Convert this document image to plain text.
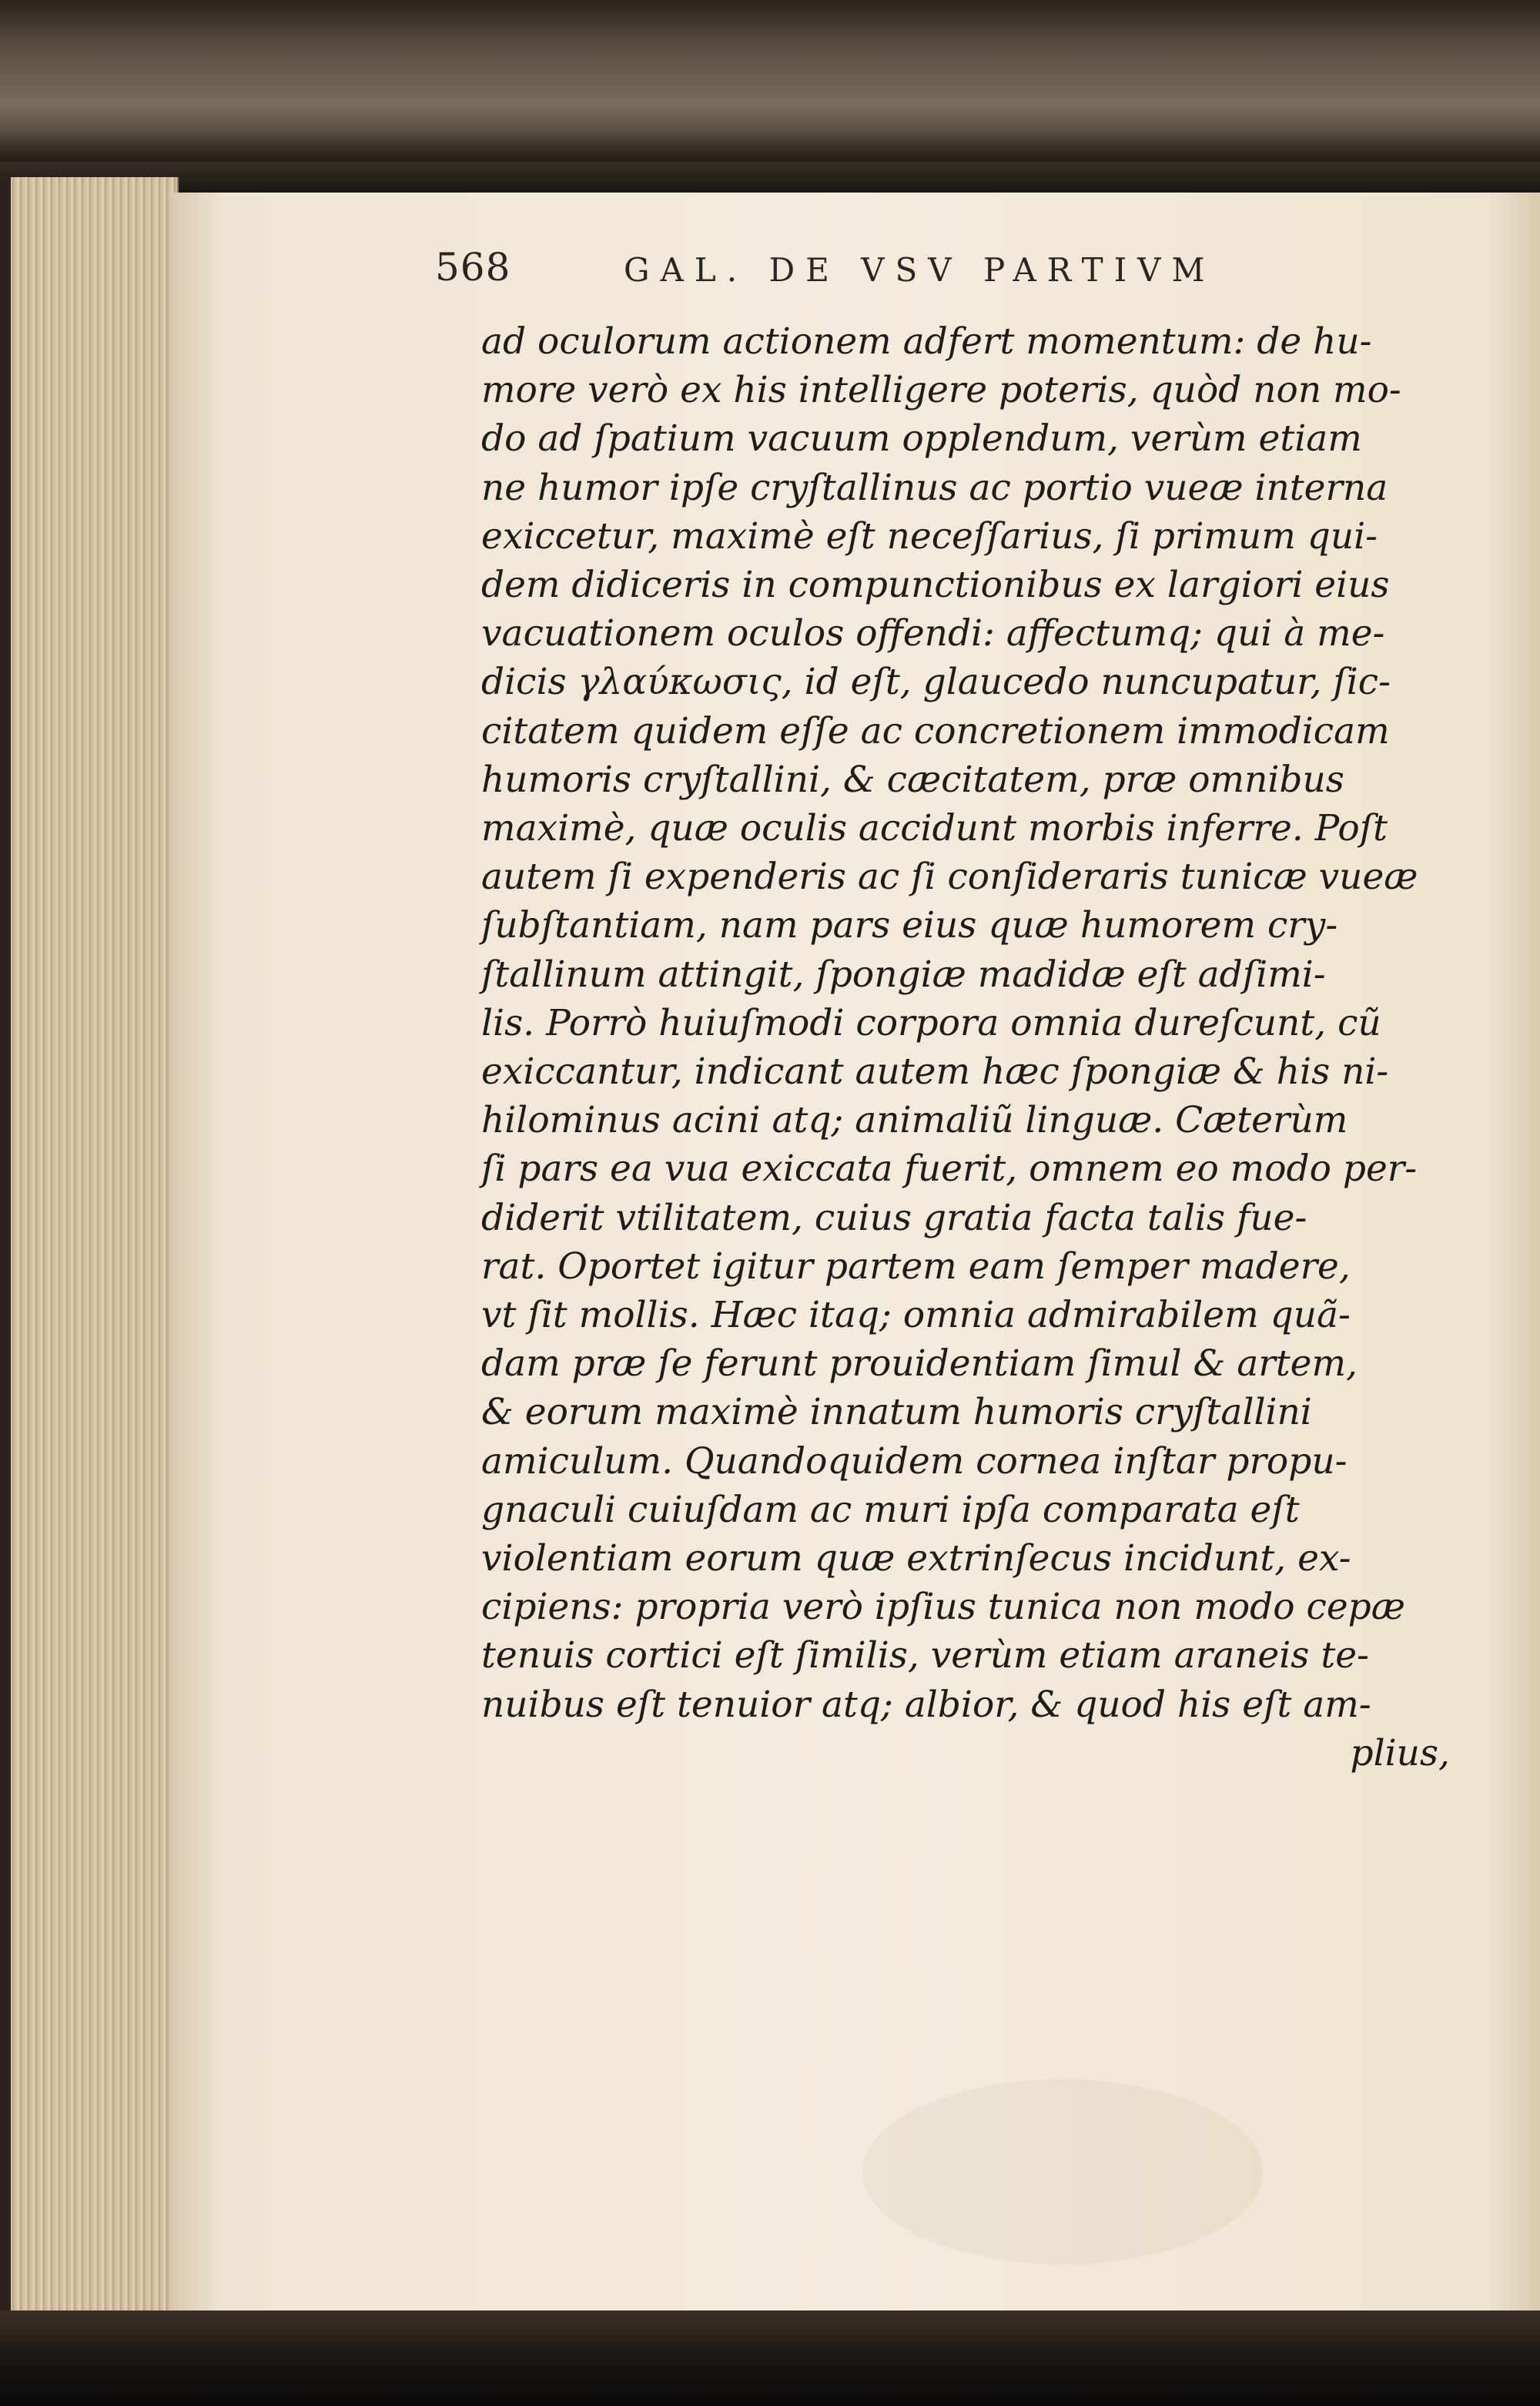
568	GAL. DE VSV PARTIVM
ad oculorum actionem adfert momentum: de hu-
more verò ex his intelligere poteris, quòd non mo-
do ad ſpatium vacuum opplendum, verùm etiam
ne humor ipſe cryſtallinus ac portio vueæ interna
exiccetur, maximè eſt neceſſarius, ſi primum qui-
dem didiceris in compunctionibus ex largiori eius
vacuationem oculos offendi: affectumq; qui à me-
dicis γλαύκωσις, id eſt, glaucedo nuncupatur, ſic-
citatem quidem eſſe ac concretionem immodicam
humoris cryſtallini, & cæcitatem, præ omnibus
maximè, quæ oculis accidunt morbis inferre. Poſt
autem ſi expenderis ac ſi conſideraris tunicæ vueæ
ſubſtantiam, nam pars eius quæ humorem cry-
ſtallinum attingit, ſpongiæ madidæ eſt adſimi-
lis. Porrò huiuſmodi corpora omnia dureſcunt, cũ
exiccantur, indicant autem hæc ſpongiæ & his ni-
hilominus acini atq; animaliũ linguæ. Cæterùm
ſi pars ea vua exiccata fuerit, omnem eo modo per-
diderit vtilitatem, cuius gratia facta talis fue-
rat. Oportet igitur partem eam ſemper madere,
vt ſit mollis. Hæc itaq; omnia admirabilem quã-
dam præ ſe ferunt prouidentiam ſimul & artem,
& eorum maximè innatum humoris cryſtallini
amiculum. Quandoquidem cornea inſtar propu-
gnaculi cuiuſdam ac muri ipſa comparata eſt
violentiam eorum quæ extrinſecus incidunt, ex-
cipiens: propria verò ipſius tunica non modo cepæ
tenuis cortici eſt ſimilis, verùm etiam araneis te-
nuibus eſt tenuior atq; albior, & quod his eſt am-
plius,
